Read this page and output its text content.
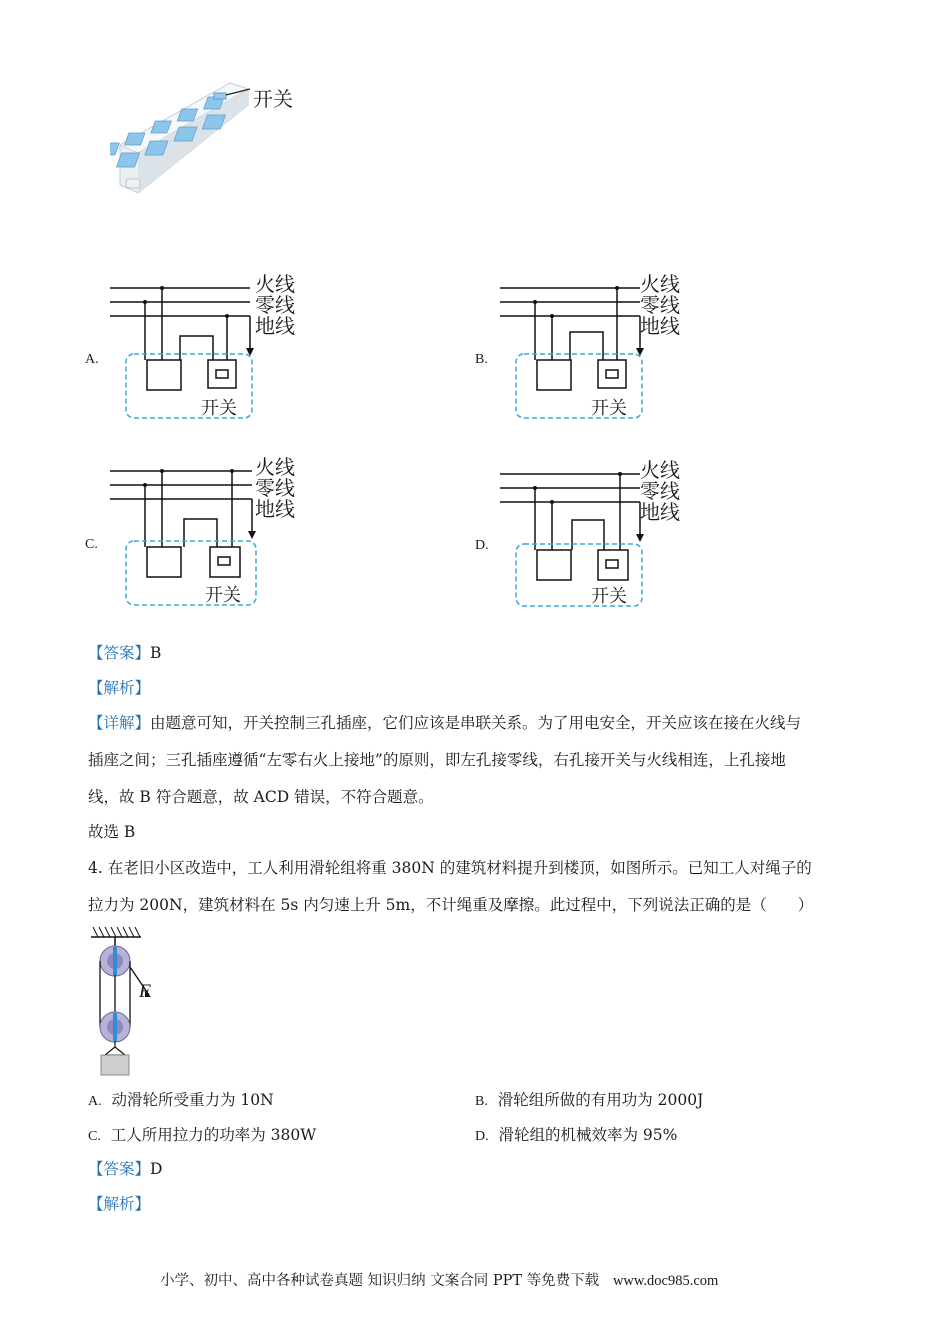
开关
A.
火线
零线
地线
开关
B.
火线
零线
地线
开关
C.
火线
零线
地线
开关
D.
火线
零线
地线
开关
【答案】B
【解析】
【详解】由题意可知，开关控制三孔插座，它们应该是串联关系。为了用电安全，开关应该在接在火线与
插座之间；三孔插座遵循“左零右火上接地”的原则，即左孔接零线，右孔接开关与火线相连，上孔接地
线，故 B 符合题意，故 ACD 错误，不符合题意。
故选 B
4. 在老旧小区改造中，工人利用滑轮组将重 380N 的建筑材料提升到楼顶，如图所示。已知工人对绳子的
拉力为 200N，建筑材料在 5s 内匀速上升 5m，不计绳重及摩擦。此过程中，下列说法正确的是（　　）
F
A. 动滑轮所受重力为 10N	B. 滑轮组所做的有用功为 2000J
C. 工人所用拉力的功率为 380W	D. 滑轮组的机械效率为 95%
【答案】D
【解析】
小学、初中、高中各种试卷真题 知识归纳 文案合同 PPT 等免费下载 www.doc985.com
